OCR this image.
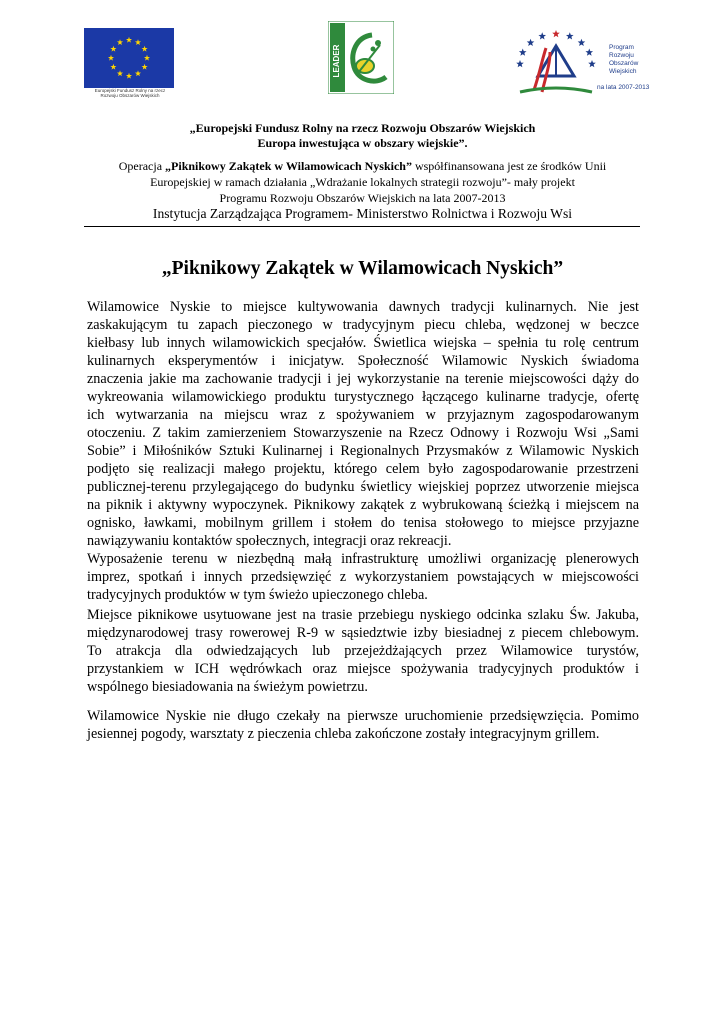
Europejski Fundusz Rolny na rzecz
Rozwoju Obszarów Wiejskich
LEADER	Program
Rozwoju
Obszarów
Wiejskich
na lata 2007-2013
„Europejski Fundusz Rolny na rzecz Rozwoju Obszarów Wiejskich
Europa inwestująca w obszary wiejskie”.
Operacja „Piknikowy Zakątek w Wilamowicach Nyskich” współfinansowana jest ze środków Unii
Europejskiej w ramach działania „Wdrażanie lokalnych strategii rozwoju”- mały projekt
Programu Rozwoju Obszarów Wiejskich na lata 2007-2013
Instytucja Zarządzająca Programem- Ministerstwo Rolnictwa i Rozwoju Wsi
„Piknikowy Zakątek w Wilamowicach Nyskich”
Wilamowice Nyskie to miejsce kultywowania dawnych tradycji kulinarnych. Nie jest
zaskakującym tu zapach pieczonego w tradycyjnym piecu chleba, wędzonej w beczce
kiełbasy lub innych wilamowickich specjałów. Świetlica wiejska – spełnia tu rolę centrum
kulinarnych eksperymentów i inicjatyw. Społeczność Wilamowic Nyskich świadoma
znaczenia jakie ma zachowanie tradycji i jej wykorzystanie na terenie miejscowości dąży do
wykreowania wilamowickiego produktu turystycznego łączącego kulinarne tradycje, ofertę
ich wytwarzania na miejscu wraz z spożywaniem w przyjaznym zagospodarowanym
otoczeniu. Z takim zamierzeniem Stowarzyszenie na Rzecz Odnowy i Rozwoju Wsi „Sami
Sobie” i Miłośników Sztuki Kulinarnej i Regionalnych Przysmaków z Wilamowic Nyskich
podjęto się realizacji małego projektu, którego celem było zagospodarowanie przestrzeni
publicznej-terenu przylegającego do budynku świetlicy wiejskiej poprzez utworzenie miejsca
na piknik i aktywny wypoczynek. Piknikowy zakątek z wybrukowaną ścieżką i miejscem na
ognisko, ławkami, mobilnym grillem i stołem do tenisa stołowego to miejsce przyjazne
nawiązywaniu kontaktów społecznych, integracji oraz rekreacji.
Wyposażenie terenu w niezbędną małą infrastrukturę umożliwi organizację plenerowych
imprez, spotkań i innych przedsięwzięć z wykorzystaniem powstających w miejscowości
tradycyjnych produktów w tym świeżo upieczonego chleba.
Miejsce piknikowe usytuowane jest na trasie przebiegu nyskiego odcinka szlaku Św. Jakuba,
międzynarodowej trasy rowerowej R-9 w sąsiedztwie izby biesiadnej z piecem chlebowym.
To atrakcja dla odwiedzających lub przejeżdżających przez Wilamowice turystów,
przystankiem w ICH wędrówkach oraz miejsce spożywania tradycyjnych produktów i
wspólnego biesiadowania na świeżym powietrzu.
Wilamowice Nyskie nie długo czekały na pierwsze uruchomienie przedsięwzięcia. Pomimo
jesiennej pogody, warsztaty z pieczenia chleba zakończone zostały integracyjnym grillem.
